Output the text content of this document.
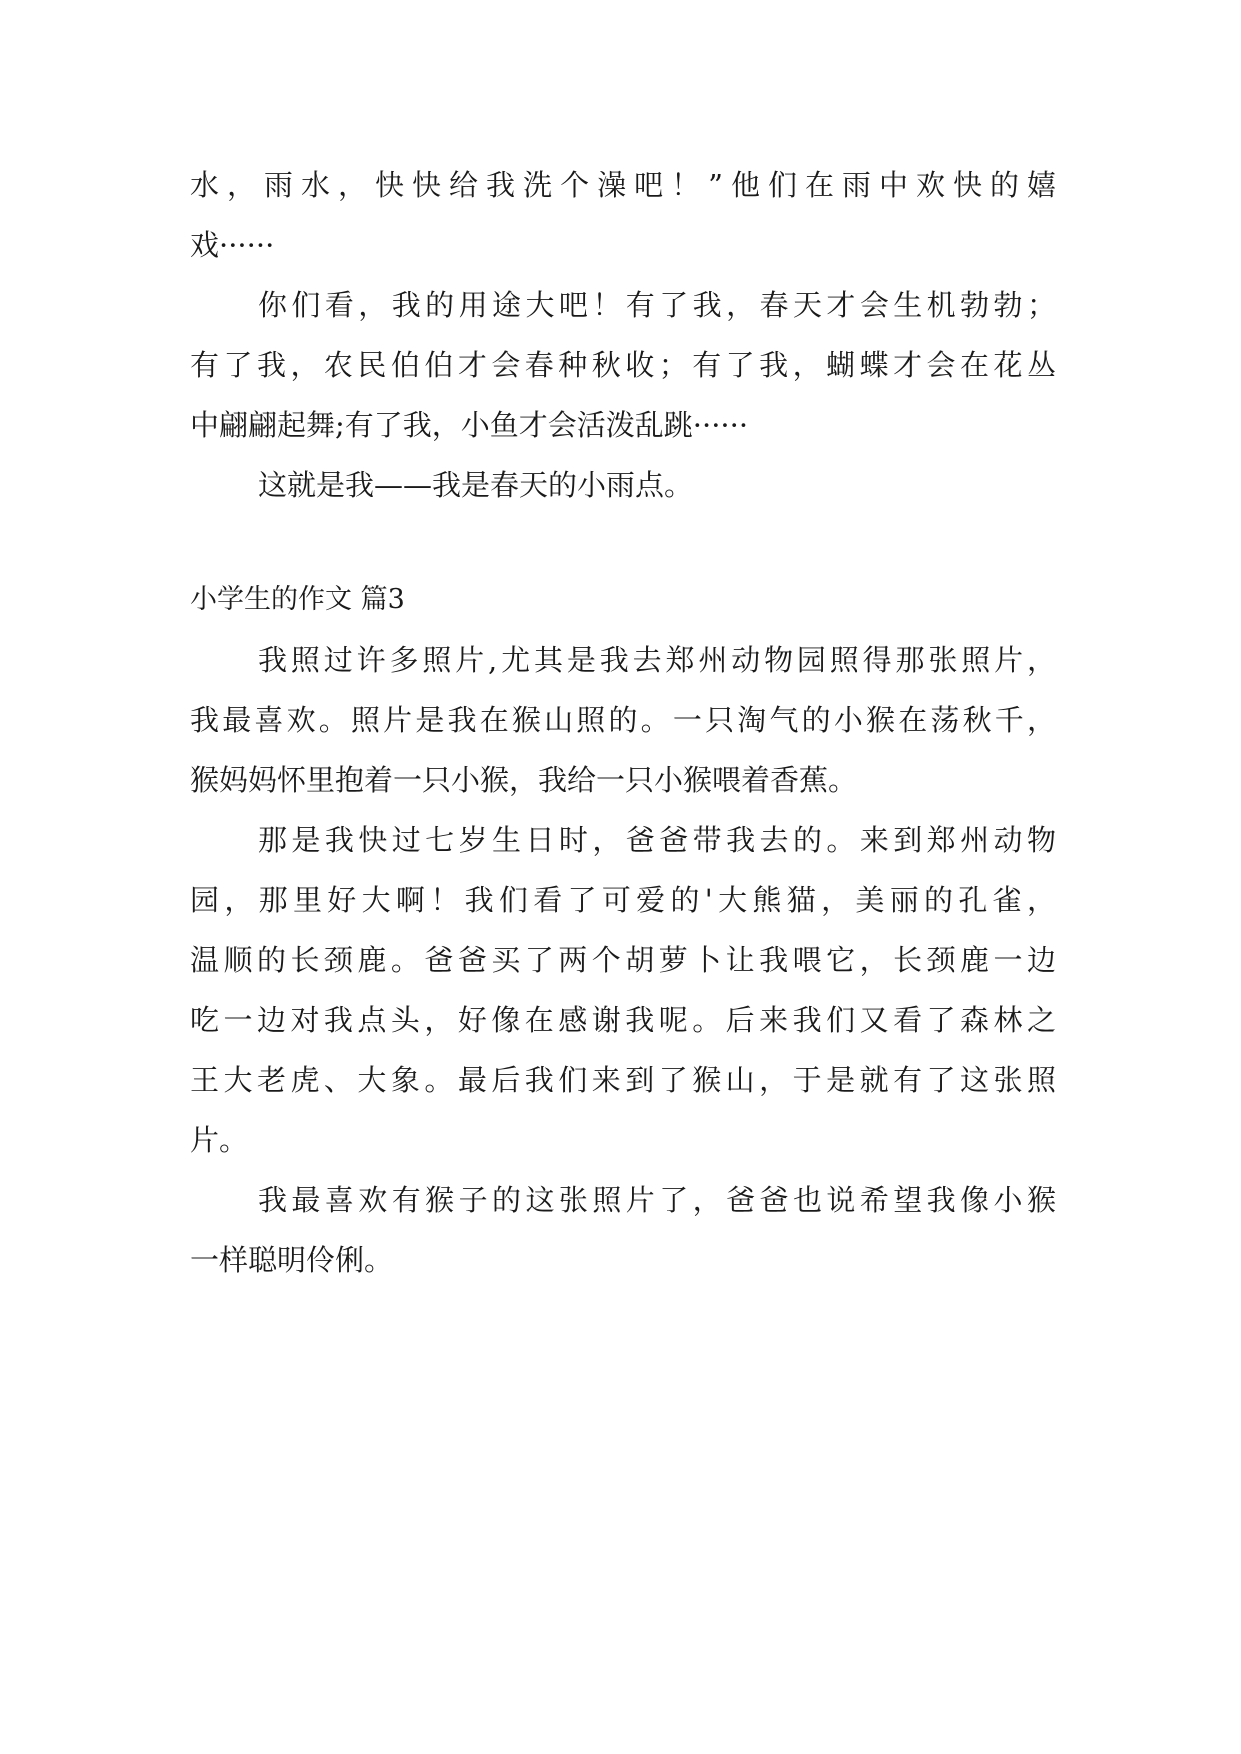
水，雨水，快快给我洗个澡吧！”他们在雨中欢快的嬉
戏······
你们看，我的用途大吧！有了我，春天才会生机勃勃；
有了我，农民伯伯才会春种秋收；有了我，蝴蝶才会在花丛
中翩翩起舞;有了我，小鱼才会活泼乱跳······
这就是我——我是春天的小雨点。
小学生的作文 篇3
我照过许多照片,尤其是我去郑州动物园照得那张照片，
我最喜欢。照片是我在猴山照的。一只淘气的小猴在荡秋千，
猴妈妈怀里抱着一只小猴，我给一只小猴喂着香蕉。
那是我快过七岁生日时，爸爸带我去的。来到郑州动物
园，那里好大啊！我们看了可爱的'大熊猫，美丽的孔雀，
温顺的长颈鹿。爸爸买了两个胡萝卜让我喂它，长颈鹿一边
吃一边对我点头，好像在感谢我呢。后来我们又看了森林之
王大老虎、大象。最后我们来到了猴山，于是就有了这张照
片。
我最喜欢有猴子的这张照片了，爸爸也说希望我像小猴
一样聪明伶俐。
